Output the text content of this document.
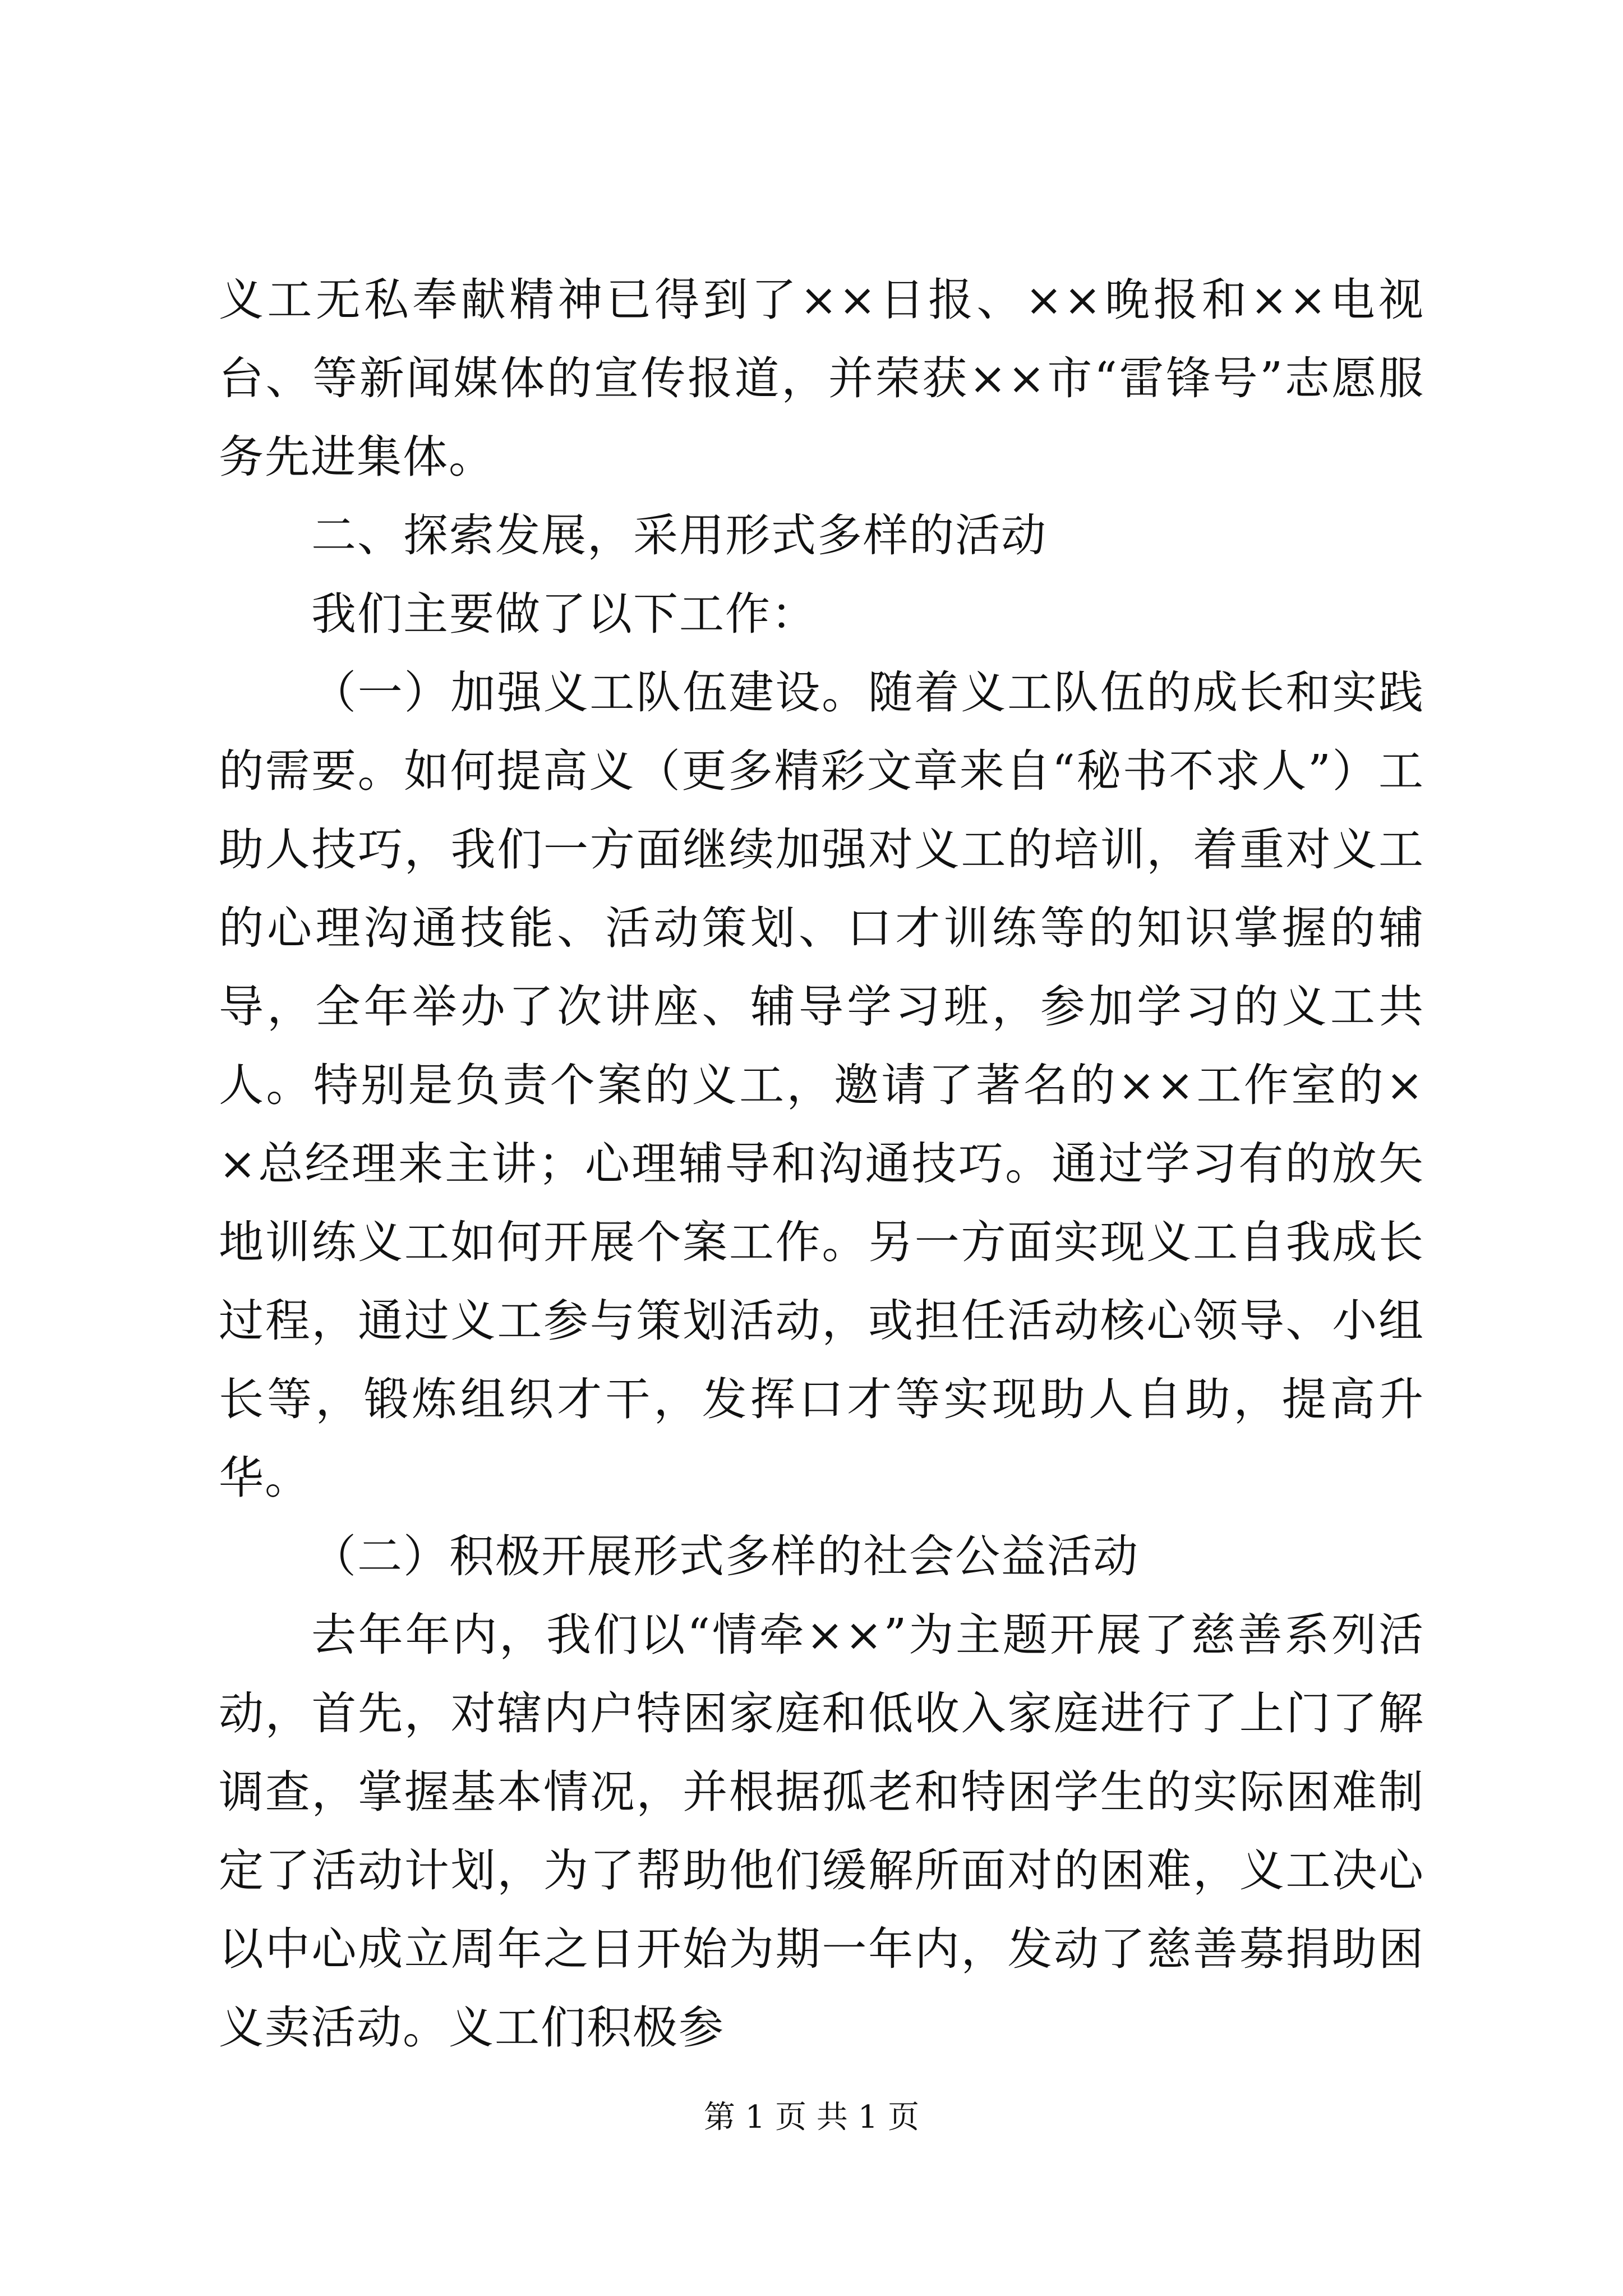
义工无私奉献精神已得到了××日报、××晚报和××电视台、等新闻媒体的宣传报道，并荣获××市“雷锋号”志愿服务先进集体。

二、探索发展，采用形式多样的活动

我们主要做了以下工作：

（一）加强义工队伍建设。随着义工队伍的成长和实践的需要。如何提高义（更多精彩文章来自“秘书不求人”）工助人技巧，我们一方面继续加强对义工的培训，着重对义工的心理沟通技能、活动策划、口才训练等的知识掌握的辅导，全年举办了次讲座、辅导学习班，参加学习的义工共人。特别是负责个案的义工，邀请了著名的××工作室的××总经理来主讲；心理辅导和沟通技巧。通过学习有的放矢地训练义工如何开展个案工作。另一方面实现义工自我成长过程，通过义工参与策划活动，或担任活动核心领导、小组长等，锻炼组织才干，发挥口才等实现助人自助，提高升华。

（二）积极开展形式多样的社会公益活动

去年年内，我们以“情牵××”为主题开展了慈善系列活动，首先，对辖内户特困家庭和低收入家庭进行了上门了解调查，掌握基本情况，并根据孤老和特困学生的实际困难制定了活动计划，为了帮助他们缓解所面对的困难，义工决心以中心成立周年之日开始为期一年内，发动了慈善募捐助困义卖活动。义工们积极参

第 1 页 共 1 页
